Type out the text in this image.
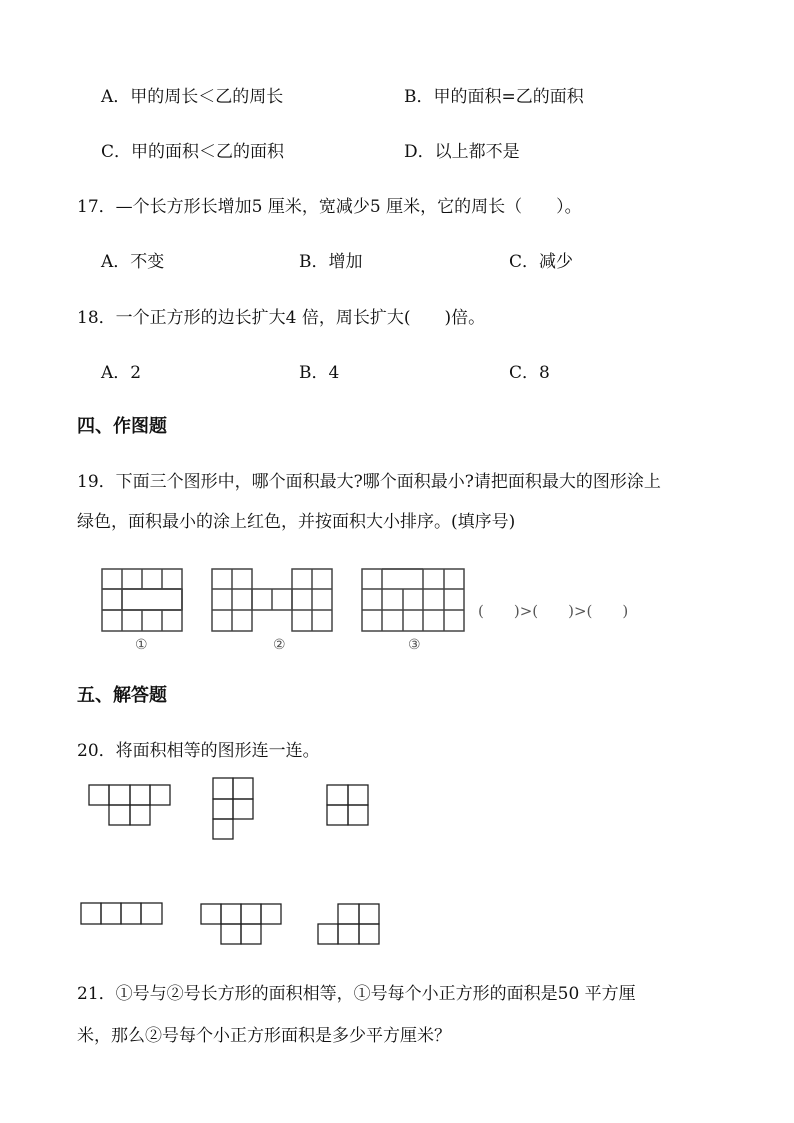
A．甲的周长＜乙的周长	B．甲的面积=乙的面积
C．甲的面积＜乙的面积	D．以上都不是
17．—个长方形长增加5 厘米，宽减少5 厘米，它的周长（　　）。
A．不变	B．增加	C．减少
18．一个正方形的边长扩大4 倍，周长扩大(　　)倍。
A．2	B．4	C．8
四、作图题
19．下面三个图形中，哪个面积最大?哪个面积最小?请把面积最大的图形涂上
绿色，面积最小的涂上红色，并按面积大小排序。(填序号)
①	②	③
(　　)>(　　)>(　　)
五、解答题
20．将面积相等的图形连一连。
21．①号与②号长方形的面积相等，①号每个小正方形的面积是50 平方厘
米，那么②号每个小正方形面积是多少平方厘米？
